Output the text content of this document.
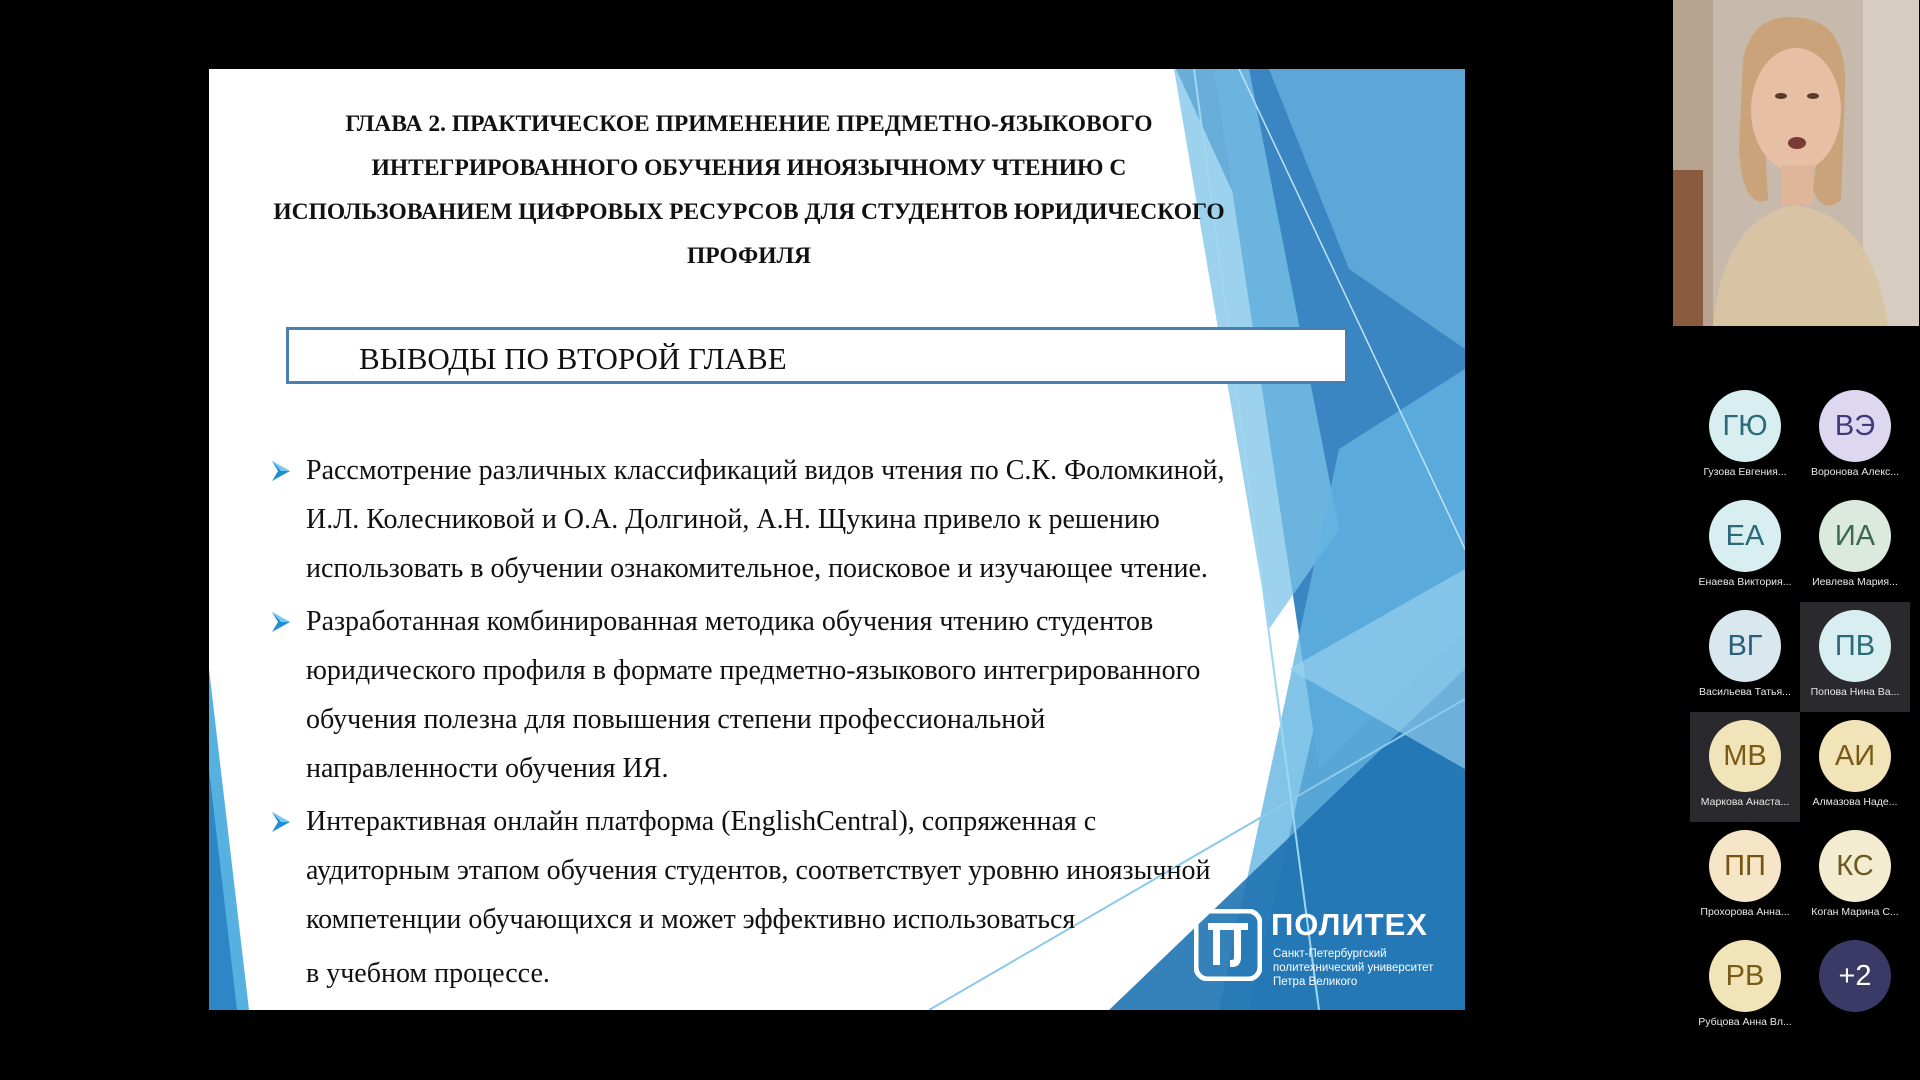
ГЛАВА 2. ПРАКТИЧЕСКОЕ ПРИМЕНЕНИЕ ПРЕДМЕТНО-ЯЗЫКОВОГО
ИНТЕГРИРОВАННОГО ОБУЧЕНИЯ ИНОЯЗЫЧНОМУ ЧТЕНИЮ С
ИСПОЛЬЗОВАНИЕМ ЦИФРОВЫХ РЕСУРСОВ ДЛЯ СТУДЕНТОВ ЮРИДИЧЕСКОГО
ПРОФИЛЯ
ВЫВОДЫ ПО ВТОРОЙ ГЛАВЕ
Рассмотрение различных классификаций видов чтения по С.К. Фоломкиной,
И.Л. Колесниковой и О.А. Долгиной, А.Н. Щукина привело к решению
использовать в обучении ознакомительное, поисковое и изучающее чтение.
Разработанная комбинированная методика обучения чтению студентов
юридического профиля в формате предметно-языкового интегрированного
обучения полезна для повышения степени профессиональной
направленности обучения ИЯ.
Интерактивная онлайн платформа (EnglishCentral), сопряженная с
аудиторным этапом обучения студентов, соответствует уровню иноязычной
компетенции обучающихся и может эффективно использоваться
в учебном процессе.
ПОЛИТЕХ
Санкт-Петербургский
политехнический университет
Петра Великого
ГЮ
Гузова Евгения...
ВЭ
Воронова Алекс...
ЕА
Енаева Виктория...
ИА
Иевлева Мария...
ВГ
Васильева Татья...
ПВ
Попова Нина Ва...
МВ
Маркова Анаста...
АИ
Алмазова Наде...
ПП
Прохорова Анна...
КС
Коган Марина С...
РВ
Рубцова Анна Вл...
+2
